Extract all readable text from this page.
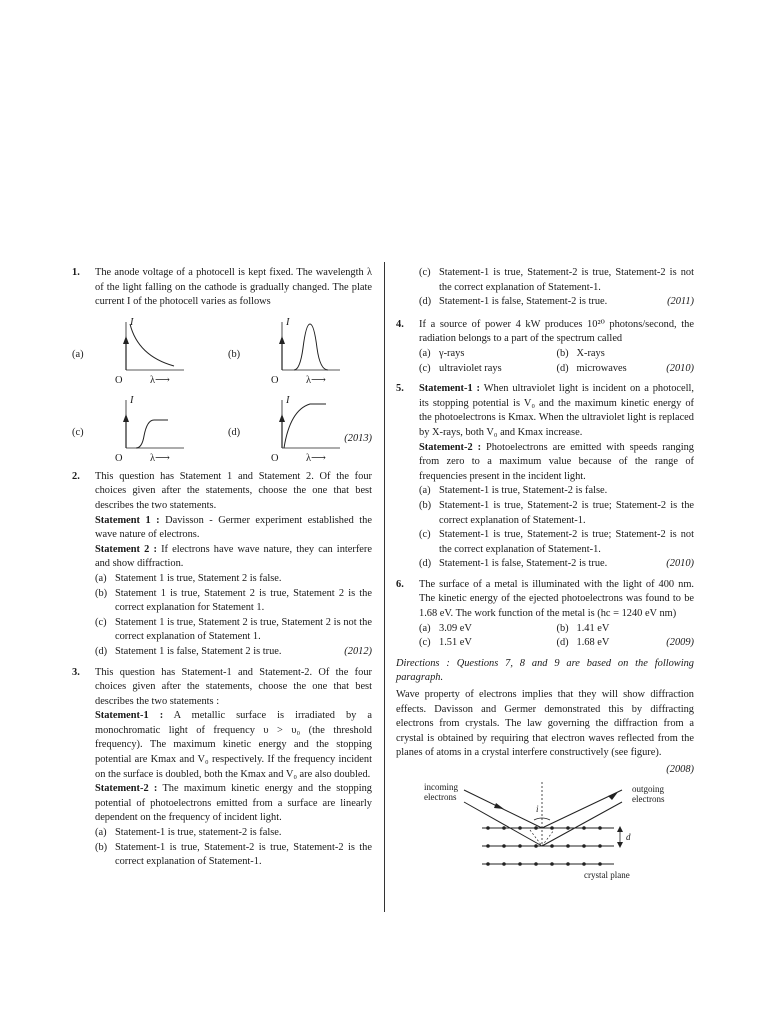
1. The anode voltage of a photocell is kept fixed. The wavelength λ of the light falling on the cathode is gradually changed. The plate current I of the photocell varies as follows
(a)
I
O	λ⟶
(b)
I
O	λ⟶
(c)
I
O	λ⟶
(d)
I
O	λ⟶
(2013)
2. This question has Statement 1 and Statement 2. Of the four choices given after the statements, choose the one that best describes the two statements.
Statement 1 : Davisson - Germer experiment established the wave nature of electrons.
Statement 2 : If electrons have wave nature, they can interfere and show diffraction.
(a) Statement 1 is true, Statement 2 is false.
(b) Statement 1 is true, Statement 2 is true, Statement 2 is the correct explanation for Statement 1.
(c) Statement 1 is true, Statement 2 is true, Statement 2 is not the correct explanation of Statement 1.
(d)	(2012)
Statement 1 is false, Statement 2 is true.
3. This question has Statement-1 and Statement-2. Of the four choices given after the statements, choose the one that best describes the two statements :
Statement-1 : A metallic surface is irradiated by a monochromatic light of frequency υ > υ₀ (the threshold frequency). The maximum kinetic energy and the stopping potential are Kmax and V₀ respectively. If the frequency incident on the surface is doubled, both the Kmax and V₀ are also doubled.
Statement-2 : The maximum kinetic energy and the stopping potential of photoelectrons emitted from a surface are linearly dependent on the frequency of incident light.
(a) Statement-1 is true, statement-2 is false.
(b) Statement-1 is true, Statement-2 is true, Statement-2 is the correct explanation of Statement-1.
(c) Statement-1 is true, Statement-2 is true, Statement-2 is not the correct explanation of Statement-1.
(d)	(2011)
Statement-1 is false, Statement-2 is true.
4. If a source of power 4 kW produces 10²⁰ photons/second, the radiation belongs to a part of the spectrum called
(a) γ-rays	(b) X-rays
(c) ultraviolet rays	(d) microwaves	(2010)
5. Statement-1 : When ultraviolet light is incident on a photocell, its stopping potential is V₀ and the maximum kinetic energy of the photoelectrons is Kmax. When the ultraviolet light is replaced by X-rays, both V₀ and Kmax increase.
Statement-2 : Photoelectrons are emitted with speeds ranging from zero to a maximum value because of the range of frequencies present in the incident light.
(a) Statement-1 is true, Statement-2 is false.
(b) Statement-1 is true, Statement-2 is true; Statement-2 is the correct explanation of Statement-1.
(c) Statement-1 is true, Statement-2 is true; Statement-2 is not the correct explanation of Statement-1.
(d)	(2010)
Statement-1 is false, Statement-2 is true.
6. The surface of a metal is illuminated with the light of 400 nm. The kinetic energy of the ejected photoelectrons was found to be 1.68 eV. The work function of the metal is (hc = 1240 eV nm)
(a) 3.09 eV	(b) 1.41 eV
(c) 1.51 eV	(d) 1.68 eV	(2009)
Directions : Questions 7, 8 and 9 are based on the following paragraph.
Wave property of electrons implies that they will show diffraction effects. Davisson and Germer demonstrated this by diffracting electrons from crystals. The law governing the diffraction from a crystal is obtained by requiring that electron waves reflected from the planes of atoms in a crystal interfere constructively (see figure).
(2008)
incoming
electrons
outgoing
electrons
i
d
crystal plane
